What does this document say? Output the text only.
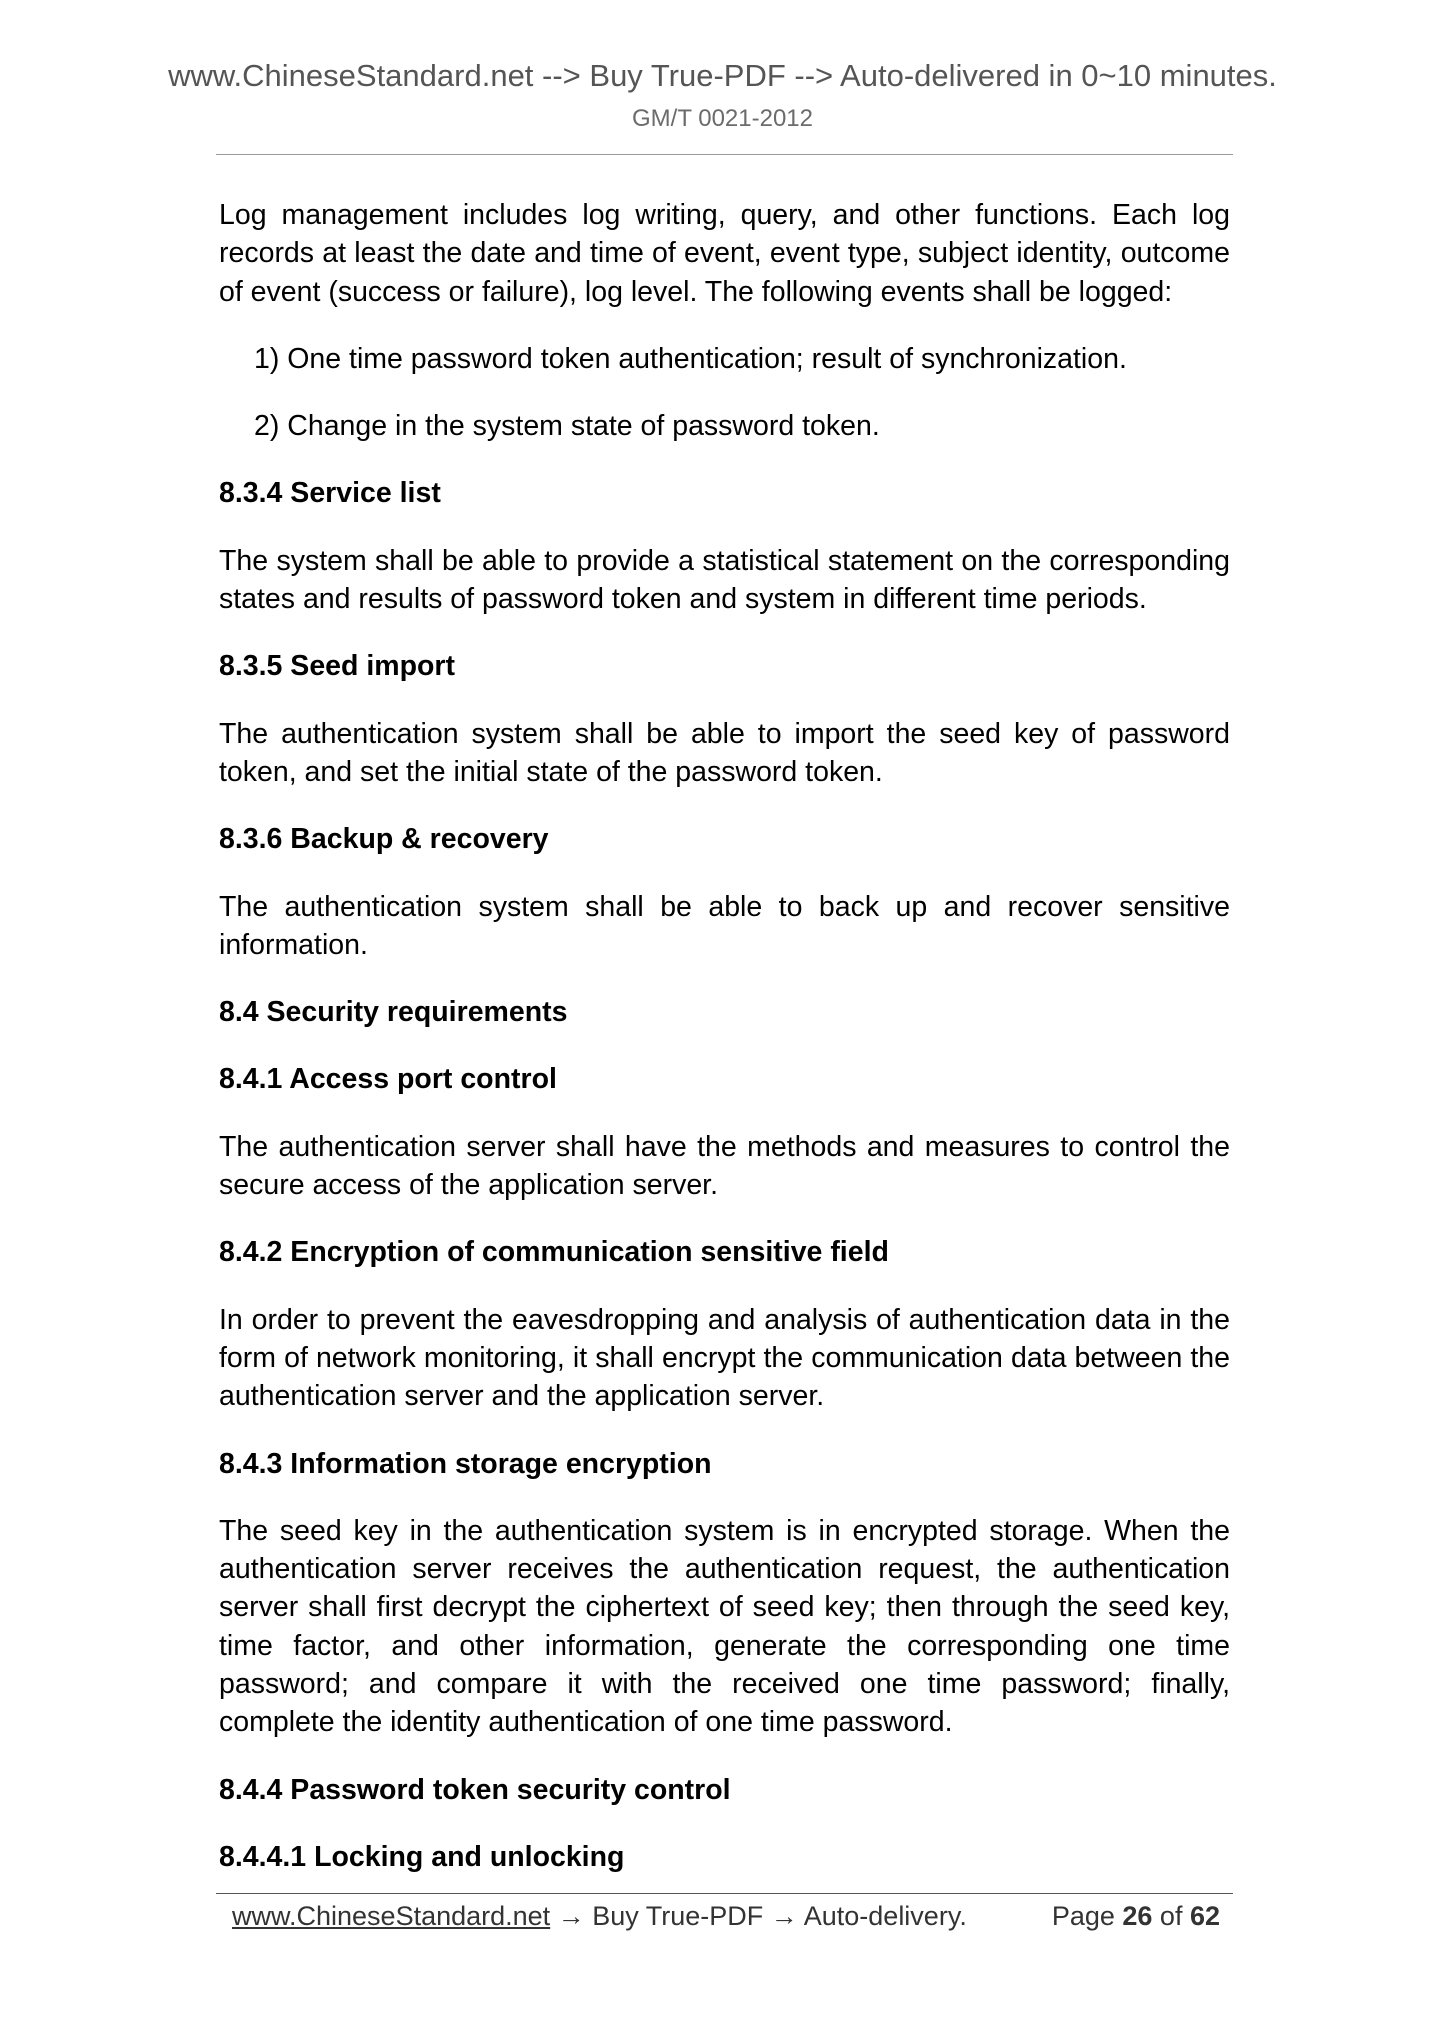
www.ChineseStandard.net --> Buy True-PDF --> Auto-delivered in 0~10 minutes.
GM/T 0021-2012

Log management includes log writing, query, and other functions. Each log records at least the date and time of event, event type, subject identity, outcome of event (success or failure), log level. The following events shall be logged:

1) One time password token authentication; result of synchronization.

2) Change in the system state of password token.

8.3.4 Service list

The system shall be able to provide a statistical statement on the corresponding states and results of password token and system in different time periods.

8.3.5 Seed import

The authentication system shall be able to import the seed key of password token, and set the initial state of the password token.

8.3.6 Backup & recovery

The authentication system shall be able to back up and recover sensitive information.

8.4 Security requirements

8.4.1 Access port control

The authentication server shall have the methods and measures to control the secure access of the application server.

8.4.2 Encryption of communication sensitive field

In order to prevent the eavesdropping and analysis of authentication data in the form of network monitoring, it shall encrypt the communication data between the authentication server and the application server.

8.4.3 Information storage encryption

The seed key in the authentication system is in encrypted storage. When the authentication server receives the authentication request, the authentication server shall first decrypt the ciphertext of seed key; then through the seed key, time factor, and other information, generate the corresponding one time password; and compare it with the received one time password; finally, complete the identity authentication of one time password.

8.4.4 Password token security control

8.4.4.1 Locking and unlocking

www.ChineseStandard.net → Buy True-PDF → Auto-delivery.	Page 26 of 62
